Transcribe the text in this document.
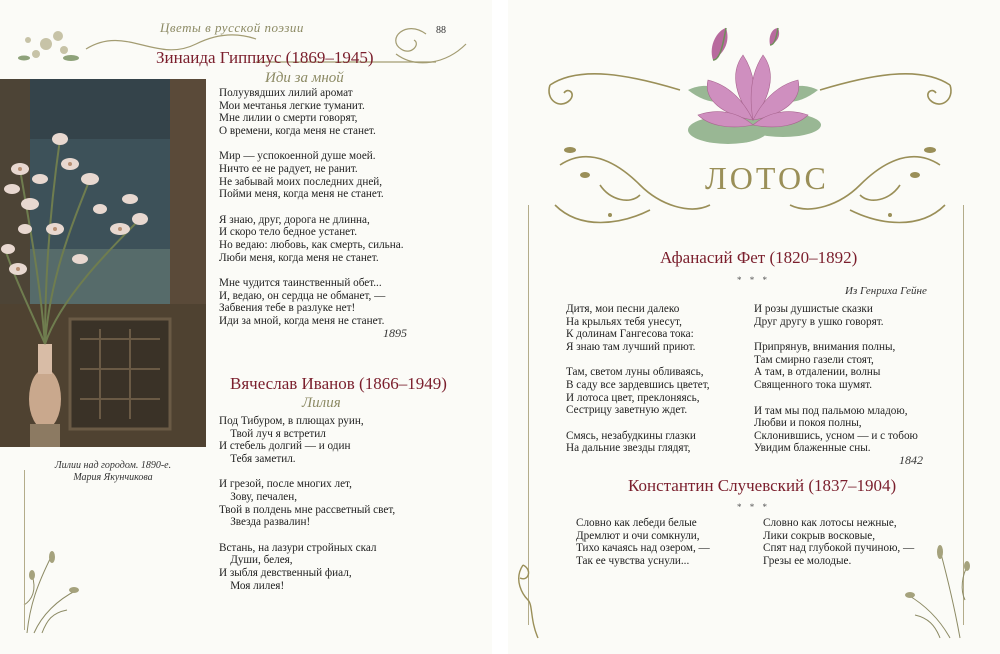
Цветы в русской поэзии	88
Лилии над городом. 1890-е.
Мария Якунчикова
Зинаида Гиппиус (1869–1945)
Иди за мной
Полуувядших лилий аромат
Мои мечтанья легкие туманит.
Мне лилии о смерти говорят,
О времени, когда меня не станет.
Мир — успокоенной душе моей.
Ничто ее не радует, не ранит.
Не забывай моих последних дней,
Пойми меня, когда меня не станет.
Я знаю, друг, дорога не длинна,
И скоро тело бедное устанет.
Но ведаю: любовь, как смерть, сильна.
Люби меня, когда меня не станет.
Мне чудится таинственный обет...
И, ведаю, он сердца не обманет, —
Забвения тебе в разлуке нет!
Иди за мной, когда меня не станет.
1895
Вячеслав Иванов (1866–1949)
Лилия
Под Тибуром, в плющах руин,
Твой луч я встретил
И стебель долгий — и один
Тебя заметил.
И грезой, после многих лет,
Зову, печален,
Твой в полдень мне рассветный свет,
Звезда развалин!
Встань, на лазури стройных скал
Души, белея,
И зыбля девственный фиал,
Моя лилея!
ЛОТОС
Афанасий Фет (1820–1892)
* * *
Из Генриха Гейне
Дитя, мои песни далеко
На крыльях тебя унесут,
К долинам Гангесова тока:
Я знаю там лучший приют.
Там, светом луны обливаясь,
В саду все зардевшись цветет,
И лотоса цвет, преклоняясь,
Сестрицу заветную ждет.
Смясь, незабудкины глазки
На дальние звезды глядят,
И розы душистые сказки
Друг другу в ушко говорят.
Припрянув, внимания полны,
Там смирно газели стоят,
А там, в отдалении, волны
Священного тока шумят.
И там мы под пальмою младою,
Любви и покоя полны,
Склонившись, усном — и с тобою
Увидим блаженные сны.
1842
Константин Случевский (1837–1904)
* * *
Словно как лебеди белые
Дремлют и очи сомкнули,
Тихо качаясь над озером, —
Так ее чувства уснули...
Словно как лотосы нежные,
Лики сокрыв восковые,
Спят над глубокой пучиною, —
Грезы ее молодые.
